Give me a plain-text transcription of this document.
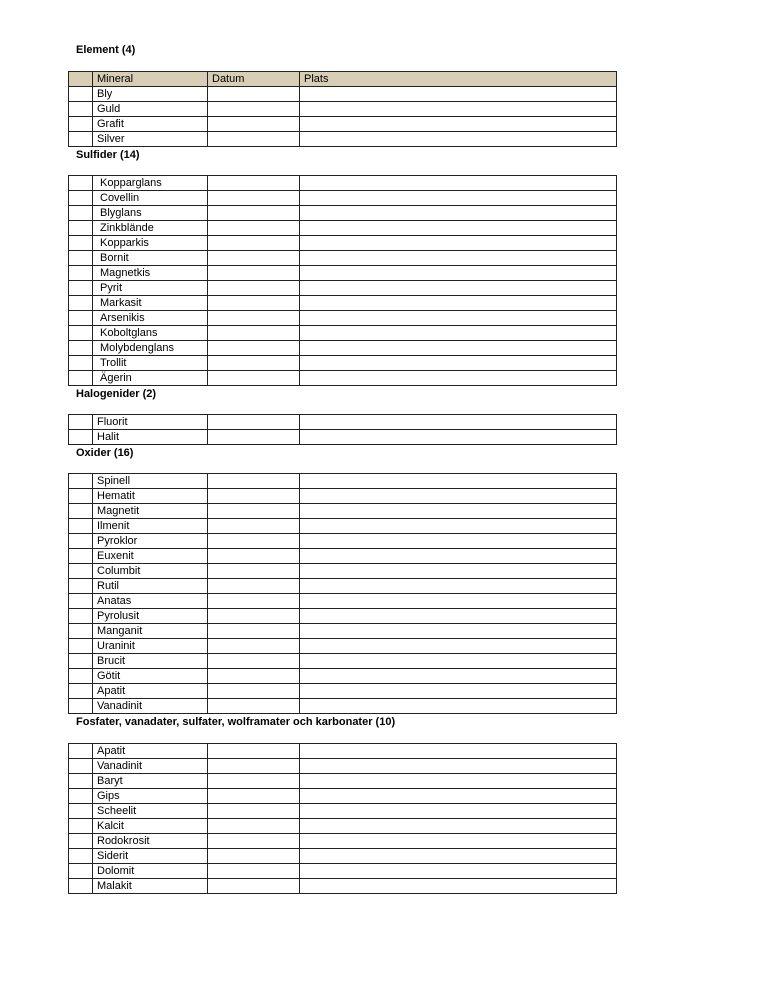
Element (4)
	Mineral	Datum	Plats
	Bly		
	Guld		
	Grafit		
	Silver		
Sulfider (14)
	Kopparglans		
	Covellin		
	Blyglans		
	Zinkblände		
	Kopparkis		
	Bornit		
	Magnetkis		
	Pyrit		
	Markasit		
	Arsenikis		
	Koboltglans		
	Molybdenglans		
	Trollit		
	Ägerin		
Halogenider (2)
	Fluorit		
	Halit		
Oxider (16)
	Spinell		
	Hematit		
	Magnetit		
	Ilmenit		
	Pyroklor		
	Euxenit		
	Columbit		
	Rutil		
	Anatas		
	Pyrolusit		
	Manganit		
	Uraninit		
	Brucit		
	Götit		
	Apatit		
	Vanadinit		
Fosfater, vanadater, sulfater, wolframater och karbonater (10)
	Apatit		
	Vanadinit		
	Baryt		
	Gips		
	Scheelit		
	Kalcit		
	Rodokrosit		
	Siderit		
	Dolomit		
	Malakit		
